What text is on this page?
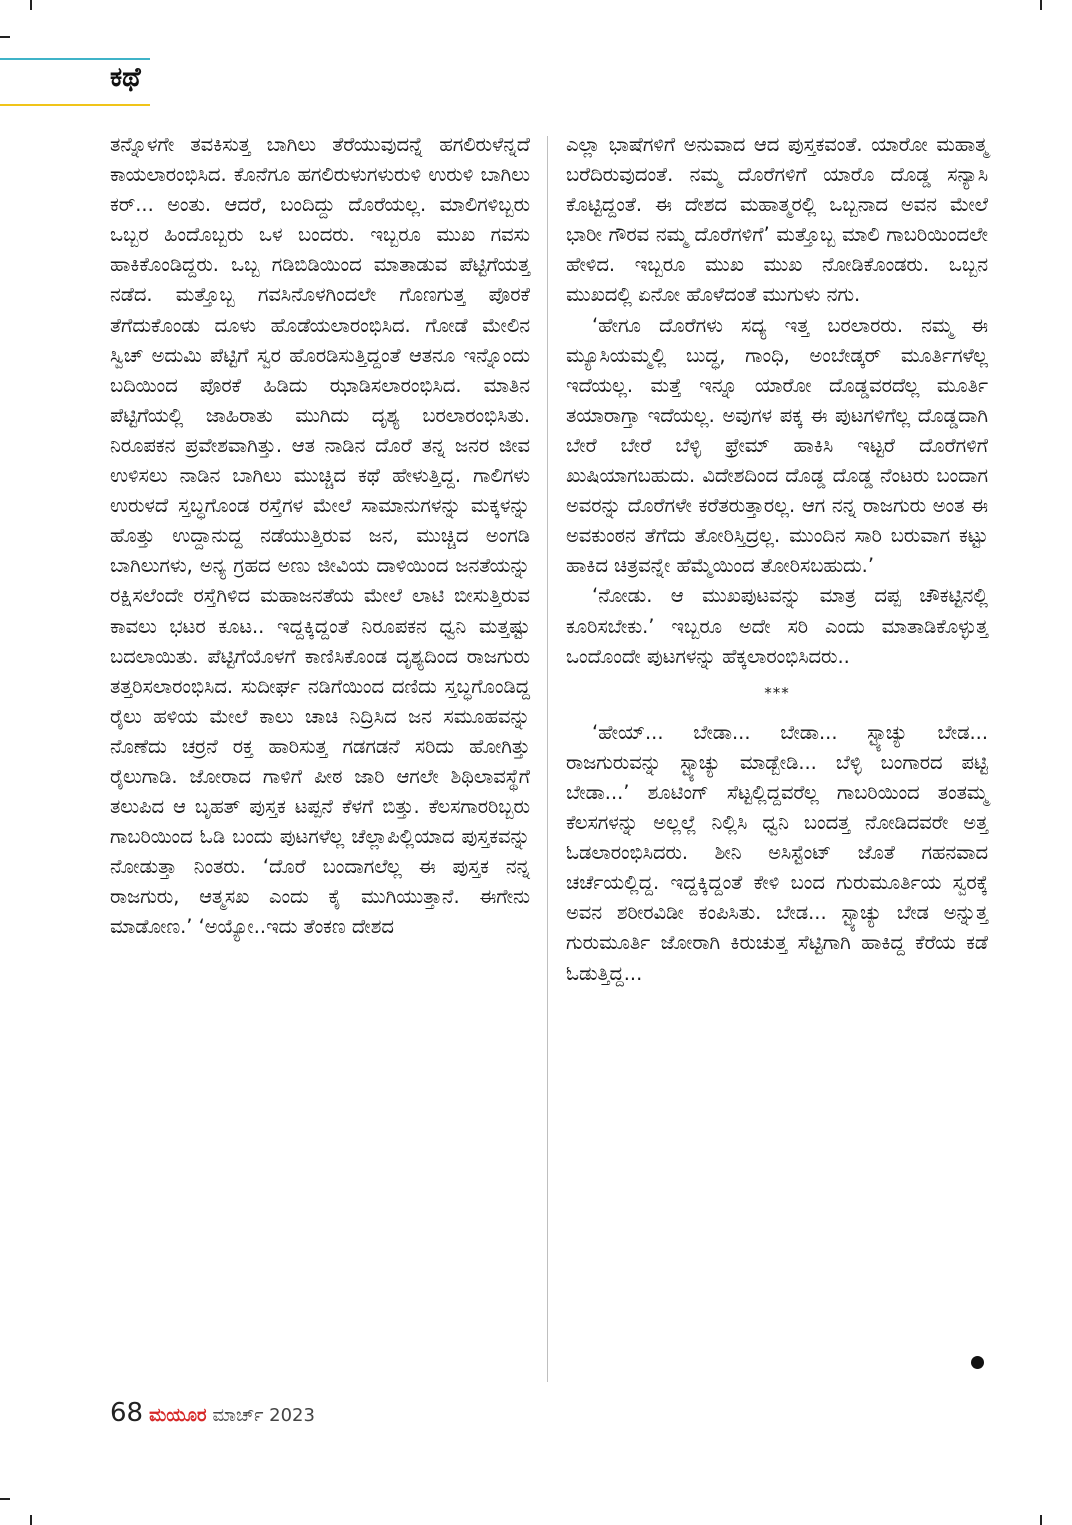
ಕಥೆ

ತನ್ನೊಳಗೇ ತವಕಿಸುತ್ತ ಬಾಗಿಲು ತೆರೆಯುವುದನ್ನೆ ಹಗಲಿರುಳೆನ್ನದೆ ಕಾಯಲಾರಂಭಿಸಿದ. ಕೊನೆಗೂ ಹಗಲಿರುಳುಗಳುರುಳಿ ಉರುಳಿ ಬಾಗಿಲು ಕರ್... ಅಂತು. ಆದರೆ, ಬಂದಿದ್ದು ದೊರೆಯಲ್ಲ. ಮಾಲಿಗಳಿಬ್ಬರು ಒಬ್ಬರ ಹಿಂದೊಬ್ಬರು ಒಳ ಬಂದರು. ಇಬ್ಬರೂ ಮುಖ ಗವಸು ಹಾಕಿಕೊಂಡಿದ್ದರು. ಒಬ್ಬ ಗಡಿಬಿಡಿಯಿಂದ ಮಾತಾಡುವ ಪೆಟ್ಟಿಗೆಯತ್ತ ನಡೆದ. ಮತ್ತೊಬ್ಬ ಗವಸಿನೊಳಗಿಂದಲೇ ಗೊಣಗುತ್ತ ಪೊರಕೆ ತೆಗೆದುಕೊಂಡು ದೂಳು ಹೊಡೆಯಲಾರಂಭಿಸಿದ. ಗೋಡೆ ಮೇಲಿನ ಸ್ವಿಚ್ ಅದುಮಿ ಪೆಟ್ಟಿಗೆ ಸ್ವರ ಹೊರಡಿಸುತ್ತಿದ್ದಂತೆ ಆತನೂ ಇನ್ನೊಂದು ಬದಿಯಿಂದ ಪೊರಕೆ ಹಿಡಿದು ಝಾಡಿಸಲಾರಂಭಿಸಿದ. ಮಾತಿನ ಪೆಟ್ಟಿಗೆಯಲ್ಲಿ ಜಾಹಿರಾತು ಮುಗಿದು ದೃಶ್ಯ ಬರಲಾರಂಭಿಸಿತು. ನಿರೂಪಕನ ಪ್ರವೇಶವಾಗಿತ್ತು. ಆತ ನಾಡಿನ ದೊರೆ ತನ್ನ ಜನರ ಜೀವ ಉಳಿಸಲು ನಾಡಿನ ಬಾಗಿಲು ಮುಚ್ಚಿದ ಕಥೆ ಹೇಳುತ್ತಿದ್ದ. ಗಾಲಿಗಳು ಉರುಳದೆ ಸ್ತಬ್ಧಗೊಂಡ ರಸ್ತೆಗಳ ಮೇಲೆ ಸಾಮಾನುಗಳನ್ನು ಮಕ್ಕಳನ್ನು ಹೊತ್ತು ಉದ್ದಾನುದ್ದ ನಡೆಯುತ್ತಿರುವ ಜನ, ಮುಚ್ಚಿದ ಅಂಗಡಿ ಬಾಗಿಲುಗಳು, ಅನ್ಯ ಗ್ರಹದ ಅಣು ಜೀವಿಯ ದಾಳಿಯಿಂದ ಜನತೆಯನ್ನು ರಕ್ಷಿಸಲೆಂದೇ ರಸ್ತೆಗಿಳಿದ ಮಹಾಜನತೆಯ ಮೇಲೆ ಲಾಟಿ ಬೀಸುತ್ತಿರುವ ಕಾವಲು ಭಟರ ಕೂಟ.. ಇದ್ದಕ್ಕಿದ್ದಂತೆ ನಿರೂಪಕನ ಧ್ವನಿ ಮತ್ತಷ್ಟು ಬದಲಾಯಿತು. ಪೆಟ್ಟಿಗೆಯೊಳಗೆ ಕಾಣಿಸಿಕೊಂಡ ದೃಶ್ಯದಿಂದ ರಾಜಗುರು ತತ್ತರಿಸಲಾರಂಭಿಸಿದ. ಸುದೀರ್ಘ ನಡಿಗೆಯಿಂದ ದಣಿದು ಸ್ತಬ್ಧಗೊಂಡಿದ್ದ ರೈಲು ಹಳಿಯ ಮೇಲೆ ಕಾಲು ಚಾಚಿ ನಿದ್ರಿಸಿದ ಜನ ಸಮೂಹವನ್ನು ನೊಣೆದು ಚರ್ರನೆ ರಕ್ತ ಹಾರಿಸುತ್ತ ಗಡಗಡನೆ ಸರಿದು ಹೋಗಿತ್ತು ರೈಲುಗಾಡಿ. ಜೋರಾದ ಗಾಳಿಗೆ ಪೀಠ ಜಾರಿ ಆಗಲೇ ಶಿಥಿಲಾವಸ್ಥೆಗೆ ತಲುಪಿದ ಆ ಬೃಹತ್ ಪುಸ್ತಕ ಟಪ್ಪನೆ ಕೆಳಗೆ ಬಿತ್ತು. ಕೆಲಸಗಾರರಿಬ್ಬರು ಗಾಬರಿಯಿಂದ ಓಡಿ ಬಂದು ಪುಟಗಳೆಲ್ಲ ಚೆಲ್ಲಾಪಿಲ್ಲಿಯಾದ ಪುಸ್ತಕವನ್ನು ನೋಡುತ್ತಾ ನಿಂತರು. ‘ದೊರೆ ಬಂದಾಗಲೆಲ್ಲ ಈ ಪುಸ್ತಕ ನನ್ನ ರಾಜಗುರು, ಆತ್ಮಸಖ ಎಂದು ಕೈ ಮುಗಿಯುತ್ತಾನೆ. ಈಗೇನು ಮಾಡೋಣ.’ ‘ಅಯ್ಯೋ..ಇದು ತೆಂಕಣ ದೇಶದ

ಎಲ್ಲಾ ಭಾಷೆಗಳಿಗೆ ಅನುವಾದ ಆದ ಪುಸ್ತಕವಂತೆ. ಯಾರೋ ಮಹಾತ್ಮ ಬರೆದಿರುವುದಂತೆ. ನಮ್ಮ ದೊರೆಗಳಿಗೆ ಯಾರೊ ದೊಡ್ಡ ಸನ್ಯಾಸಿ ಕೊಟ್ಟಿದ್ದಂತೆ. ಈ ದೇಶದ ಮಹಾತ್ಮರಲ್ಲಿ ಒಬ್ಬನಾದ ಅವನ ಮೇಲೆ ಭಾರೀ ಗೌರವ ನಮ್ಮ ದೊರೆಗಳಿಗೆ’ ಮತ್ತೊಬ್ಬ ಮಾಲಿ ಗಾಬರಿಯಿಂದಲೇ ಹೇಳಿದ. ಇಬ್ಬರೂ ಮುಖ ಮುಖ ನೋಡಿಕೊಂಡರು. ಒಬ್ಬನ ಮುಖದಲ್ಲಿ ಏನೋ ಹೊಳೆದಂತೆ ಮುಗುಳು ನಗು.

‘ಹೇಗೂ ದೊರೆಗಳು ಸದ್ಯ ಇತ್ತ ಬರಲಾರರು. ನಮ್ಮ ಈ ಮ್ಯೂಸಿಯಮ್ಮಲ್ಲಿ ಬುದ್ಧ, ಗಾಂಧಿ, ಅಂಬೇಡ್ಕರ್ ಮೂರ್ತಿಗಳೆಲ್ಲ ಇದೆಯಲ್ಲ. ಮತ್ತೆ ಇನ್ನೂ ಯಾರೋ ದೊಡ್ಡವರದೆಲ್ಲ ಮೂರ್ತಿ ತಯಾರಾಗ್ತಾ ಇದೆಯಲ್ಲ. ಅವುಗಳ ಪಕ್ಕ ಈ ಪುಟಗಳಿಗೆಲ್ಲ ದೊಡ್ಡದಾಗಿ ಬೇರೆ ಬೇರೆ ಬೆಳ್ಳಿ ಫ್ರೇಮ್ ಹಾಕಿಸಿ ಇಟ್ಟರೆ ದೊರೆಗಳಿಗೆ ಖುಷಿಯಾಗಬಹುದು. ವಿದೇಶದಿಂದ ದೊಡ್ಡ ದೊಡ್ಡ ನೆಂಟರು ಬಂದಾಗ ಅವರನ್ನು ದೊರೆಗಳೇ ಕರೆತರುತ್ತಾರಲ್ಲ. ಆಗ ನನ್ನ ರಾಜಗುರು ಅಂತ ಈ ಅವಕುಂಠನ ತೆಗೆದು ತೋರಿಸ್ತಿದ್ರಲ್ಲ. ಮುಂದಿನ ಸಾರಿ ಬರುವಾಗ ಕಟ್ಟು ಹಾಕಿದ ಚಿತ್ರವನ್ನೇ ಹೆಮ್ಮೆಯಿಂದ ತೋರಿಸಬಹುದು.’

‘ನೋಡು. ಆ ಮುಖಪುಟವನ್ನು ಮಾತ್ರ ದಪ್ಪ ಚೌಕಟ್ಟಿನಲ್ಲಿ ಕೂರಿಸಬೇಕು.’ ಇಬ್ಬರೂ ಅದೇ ಸರಿ ಎಂದು ಮಾತಾಡಿಕೊಳ್ಳುತ್ತ ಒಂದೊಂದೇ ಪುಟಗಳನ್ನು ಹೆಕ್ಕಲಾರಂಭಿಸಿದರು..

***

‘ಹೇಯ್... ಬೇಡಾ... ಬೇಡಾ... ಸ್ಟ್ಯಾಚ್ಯು ಬೇಡ... ರಾಜಗುರುವನ್ನು ಸ್ಟ್ಯಾಚ್ಯು ಮಾಡ್ಬೇಡಿ... ಬೆಳ್ಳಿ ಬಂಗಾರದ ಪಟ್ಟಿ ಬೇಡಾ...’ ಶೂಟಿಂಗ್ ಸೆಟ್ಟಲ್ಲಿದ್ದವರೆಲ್ಲ ಗಾಬರಿಯಿಂದ ತಂತಮ್ಮ ಕೆಲಸಗಳನ್ನು ಅಲ್ಲಲ್ಲೆ ನಿಲ್ಲಿಸಿ ಧ್ವನಿ ಬಂದತ್ತ ನೋಡಿದವರೇ ಅತ್ತ ಓಡಲಾರಂಭಿಸಿದರು. ಶೀನಿ ಅಸಿಸ್ಟೆಂಟ್ ಜೊತೆ ಗಹನವಾದ ಚರ್ಚೆಯಲ್ಲಿದ್ದ. ಇದ್ದಕ್ಕಿದ್ದಂತೆ ಕೇಳಿ ಬಂದ ಗುರುಮೂರ್ತಿಯ ಸ್ವರಕ್ಕೆ ಅವನ ಶರೀರವಿಡೀ ಕಂಪಿಸಿತು. ಬೇಡ... ಸ್ಟ್ಯಾಚ್ಯು ಬೇಡ ಅನ್ನುತ್ತ ಗುರುಮೂರ್ತಿ ಜೋರಾಗಿ ಕಿರುಚುತ್ತ ಸೆಟ್ಟಿಗಾಗಿ ಹಾಕಿದ್ದ ಕೆರೆಯ ಕಡೆ ಓಡುತ್ತಿದ್ದ...

68 ಮಯೂರ ಮಾರ್ಚ್ 2023
